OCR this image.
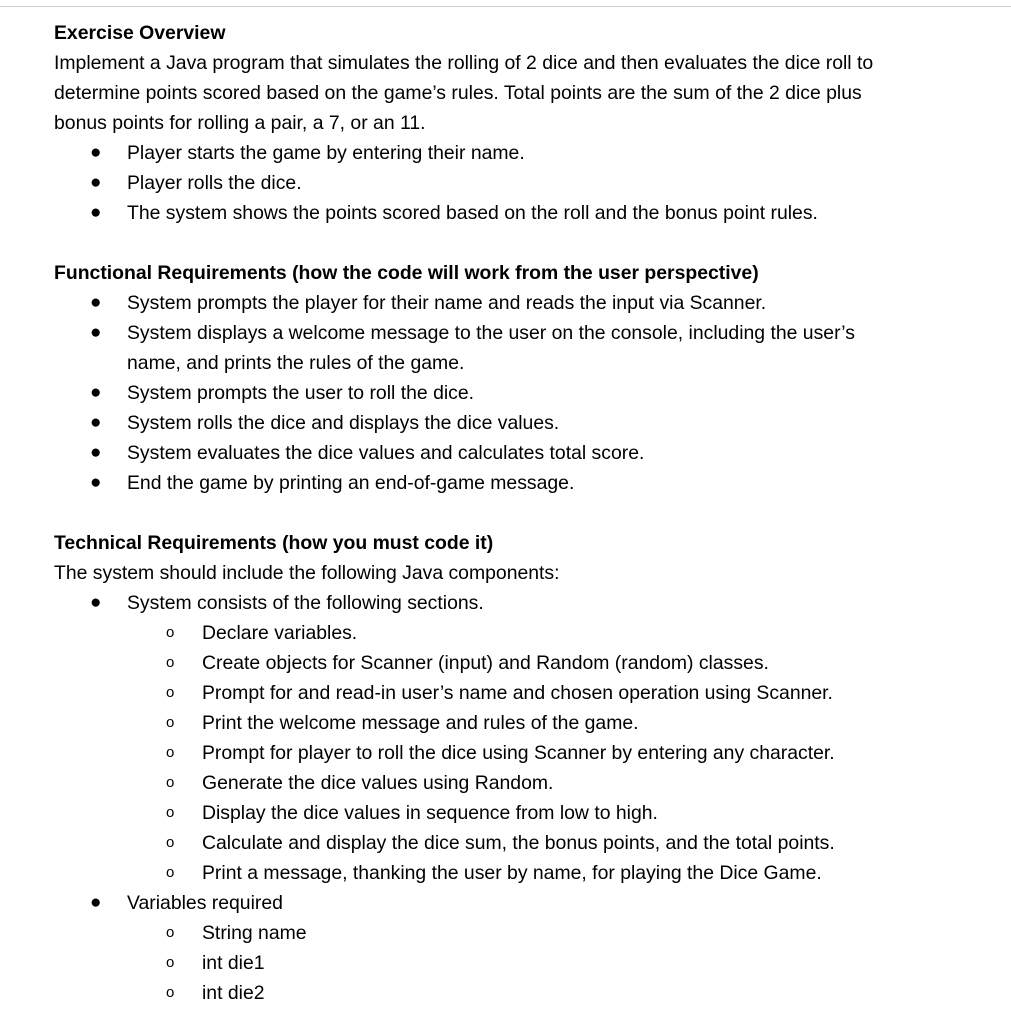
Exercise Overview
Implement a Java program that simulates the rolling of 2 dice and then evaluates the dice roll to
determine points scored based on the game’s rules. Total points are the sum of the 2 dice plus
bonus points for rolling a pair, a 7, or an 11.
● Player starts the game by entering their name.
● Player rolls the dice.
● The system shows the points scored based on the roll and the bonus point rules.
Functional Requirements (how the code will work from the user perspective)
● System prompts the player for their name and reads the input via Scanner.
● System displays a welcome message to the user on the console, including the user’s
name, and prints the rules of the game.
● System prompts the user to roll the dice.
● System rolls the dice and displays the dice values.
● System evaluates the dice values and calculates total score.
● End the game by printing an end-of-game message.
Technical Requirements (how you must code it)
The system should include the following Java components:
● System consists of the following sections.
o Declare variables.
o Create objects for Scanner (input) and Random (random) classes.
o Prompt for and read-in user’s name and chosen operation using Scanner.
o Print the welcome message and rules of the game.
o Prompt for player to roll the dice using Scanner by entering any character.
o Generate the dice values using Random.
o Display the dice values in sequence from low to high.
o Calculate and display the dice sum, the bonus points, and the total points.
o Print a message, thanking the user by name, for playing the Dice Game.
● Variables required
o String name
o int die1
o int die2
